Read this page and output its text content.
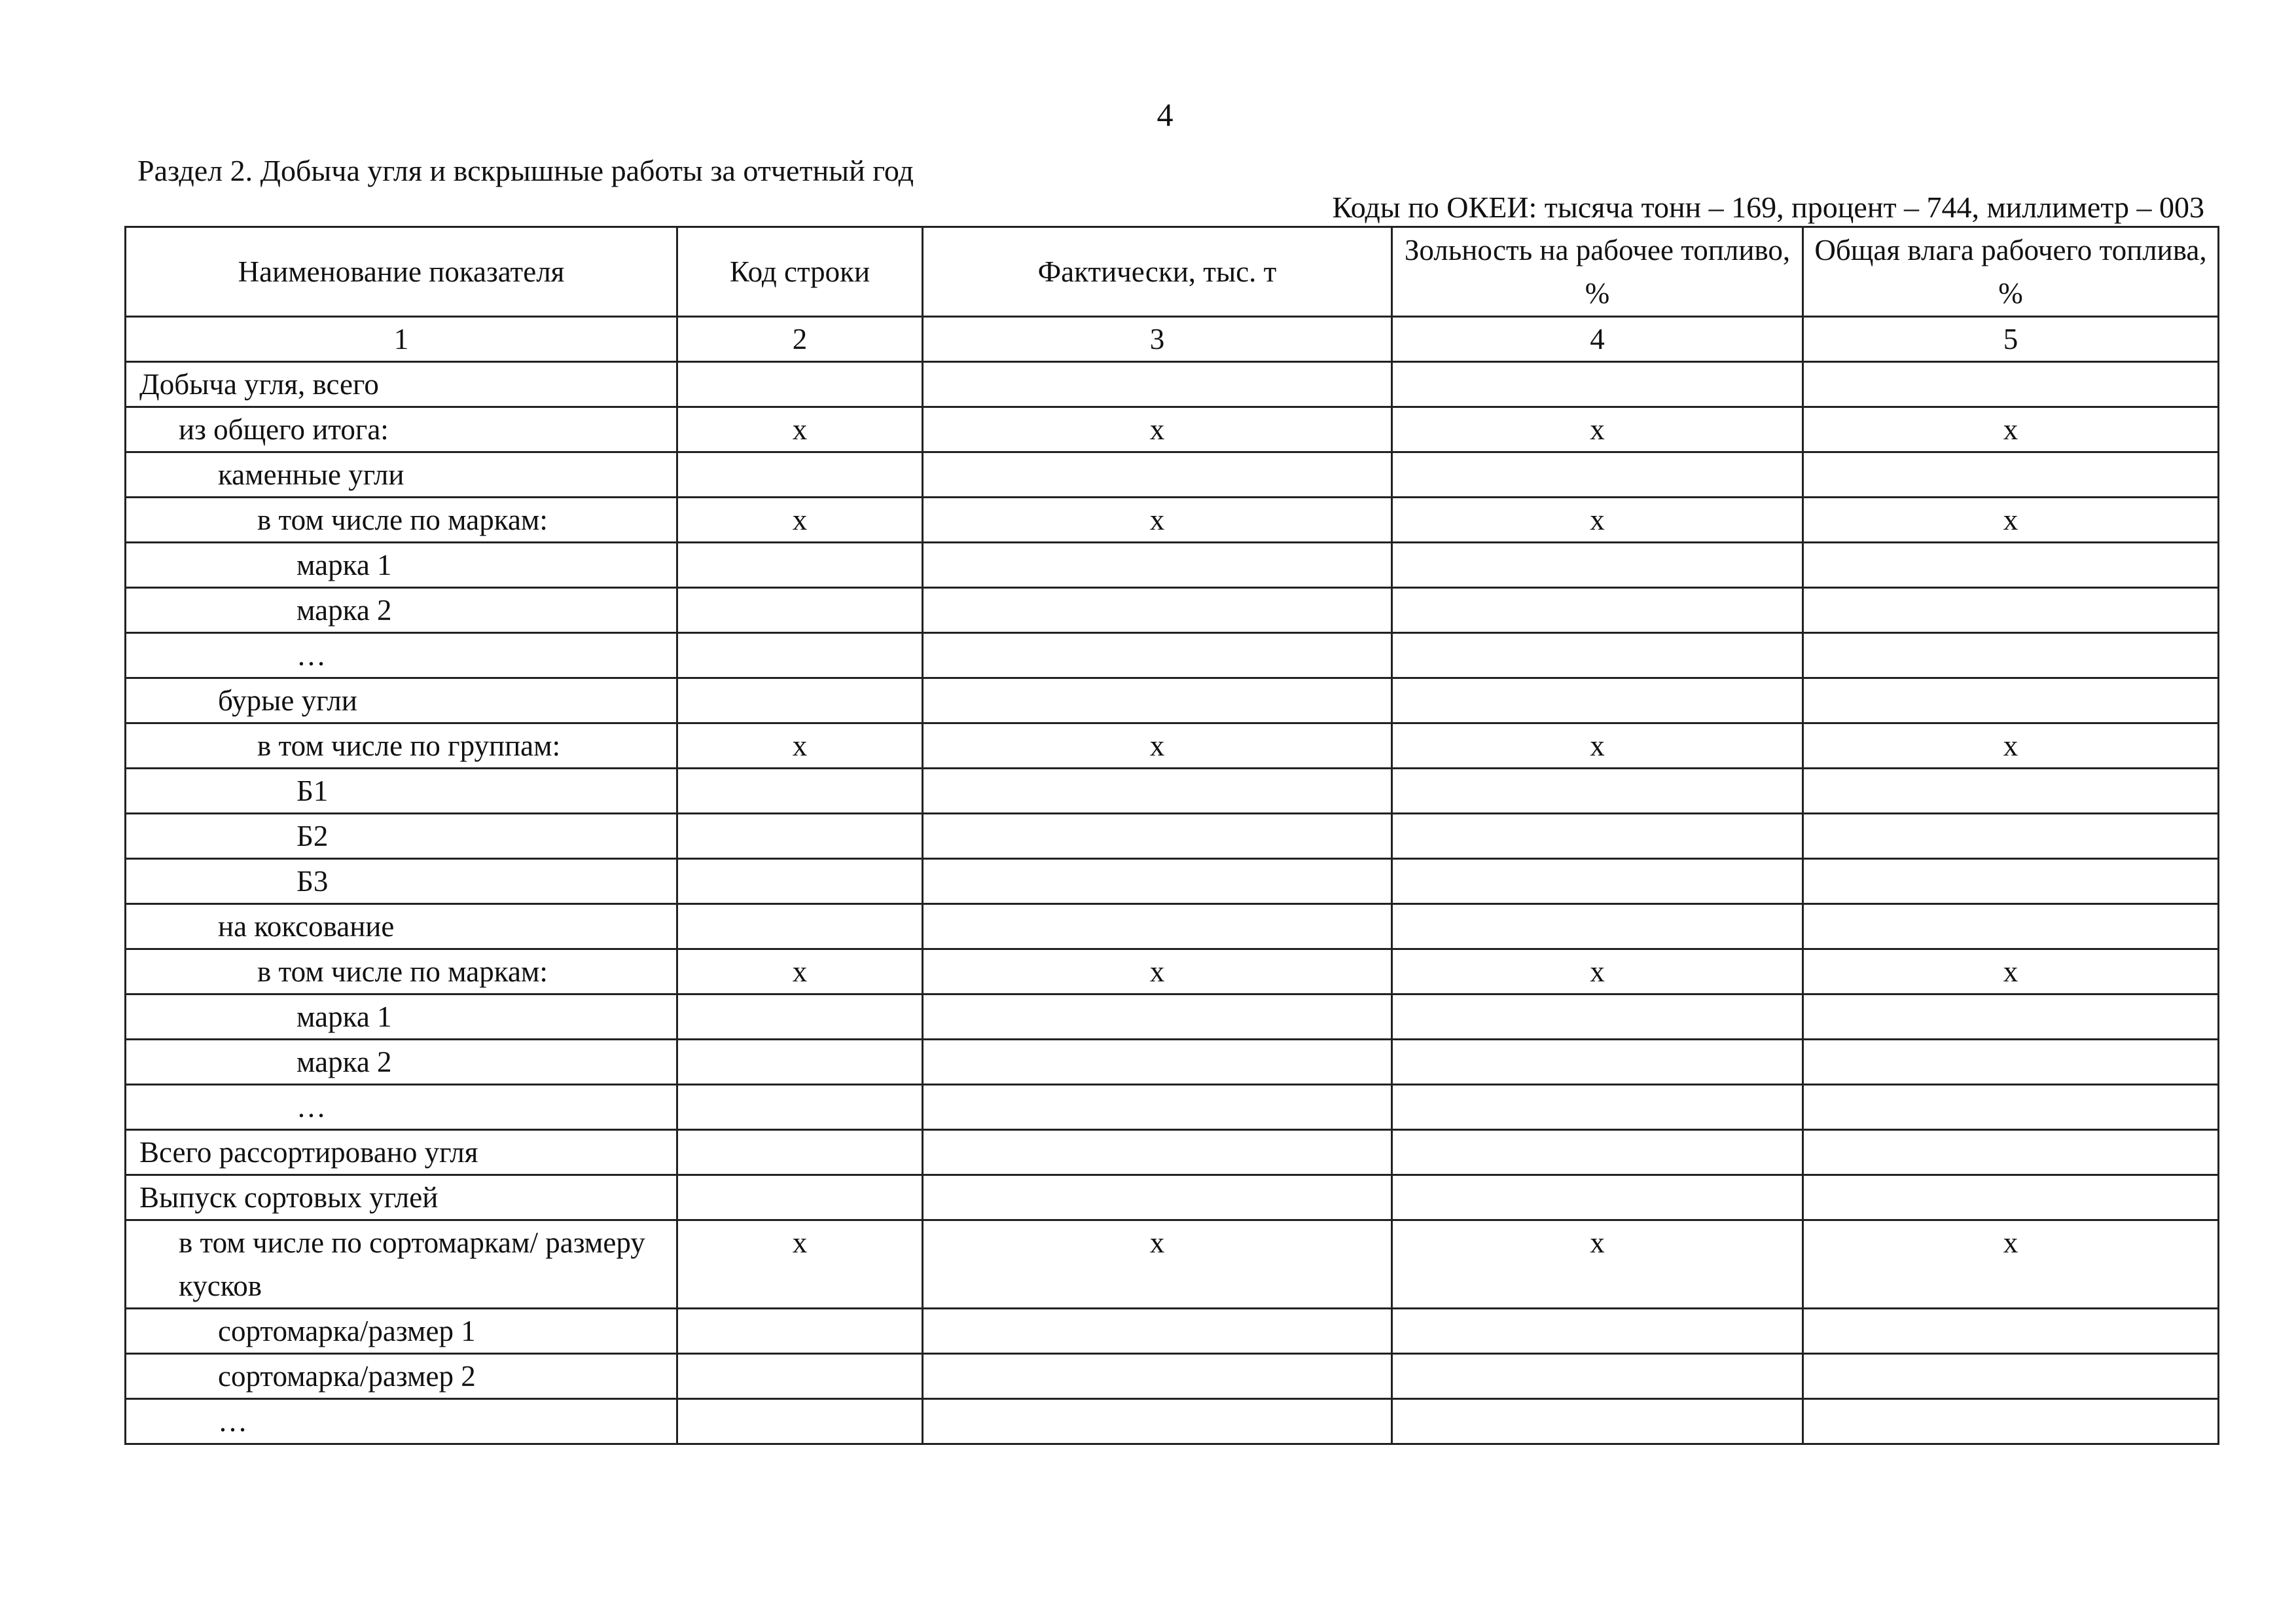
4
Раздел 2. Добыча угля и вскрышные работы за отчетный год
Коды по ОКЕИ: тысяча тонн – 169, процент – 744, миллиметр – 003
Наименование показателя	Код строки	Фактически, тыс. т	Зольность на рабочее топливо, %	Общая влага рабочего топлива, %
1	2	3	4	5
Добыча угля, всего				
из общего итога:	x	x	x	x
каменные угли				
в том числе по маркам:	x	x	x	x
марка 1				
марка 2				
…				
бурые угли				
в том числе по группам:	x	x	x	x
Б1				
Б2				
Б3				
на коксование				
в том числе по маркам:	x	x	x	x
марка 1				
марка 2				
…				
Всего рассортировано угля				
Выпуск сортовых углей				
в том числе по сортомаркам/ размеру кусков	x	x	x	x
сортомарка/размер 1				
сортомарка/размер 2				
…				
